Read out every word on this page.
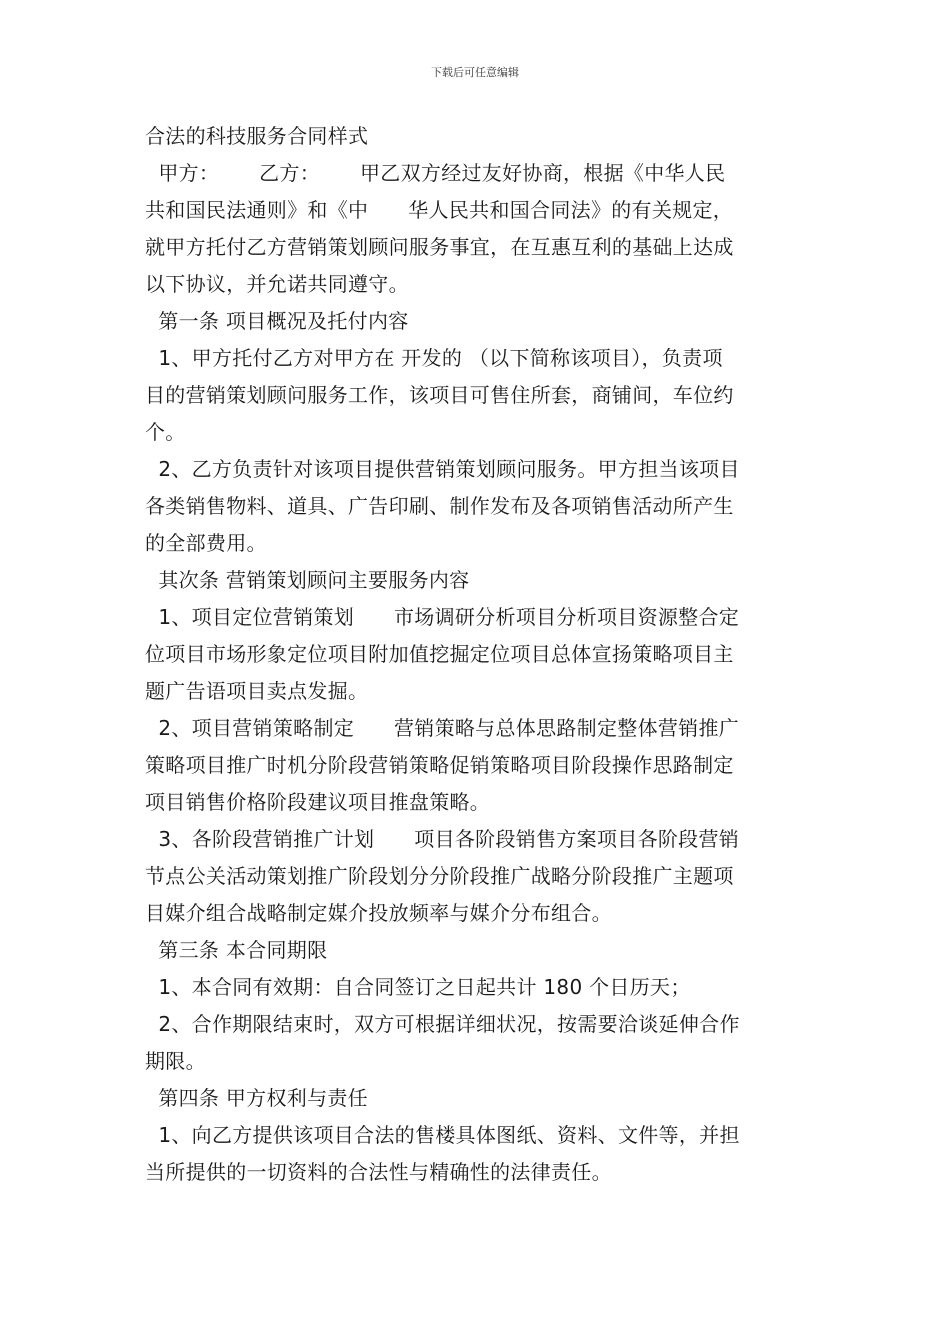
下载后可任意编辑
合法的科技服务合同样式
甲方：      乙方：      甲乙双方经过友好协商，根据《中华人民
共和国民法通则》和《中      华人民共和国合同法》的有关规定，
就甲方托付乙方营销策划顾问服务事宜，在互惠互利的基础上达成
以下协议，并允诺共同遵守。
第一条 项目概况及托付内容
1、甲方托付乙方对甲方在 开发的 （以下简称该项目），负责项
目的营销策划顾问服务工作，该项目可售住所套，商铺间，车位约
个。
2、乙方负责针对该项目提供营销策划顾问服务。甲方担当该项目
各类销售物料、道具、广告印刷、制作发布及各项销售活动所产生
的全部费用。
其次条 营销策划顾问主要服务内容
1、项目定位营销策划      市场调研分析项目分析项目资源整合定
位项目市场形象定位项目附加值挖掘定位项目总体宣扬策略项目主
题广告语项目卖点发掘。
2、项目营销策略制定      营销策略与总体思路制定整体营销推广
策略项目推广时机分阶段营销策略促销策略项目阶段操作思路制定
项目销售价格阶段建议项目推盘策略。
3、各阶段营销推广计划      项目各阶段销售方案项目各阶段营销
节点公关活动策划推广阶段划分分阶段推广战略分阶段推广主题项
目媒介组合战略制定媒介投放频率与媒介分布组合。
第三条 本合同期限
1、本合同有效期：自合同签订之日起共计 180 个日历天；
2、合作期限结束时，双方可根据详细状况，按需要洽谈延伸合作
期限。
第四条 甲方权利与责任
1、向乙方提供该项目合法的售楼具体图纸、资料、文件等，并担
当所提供的一切资料的合法性与精确性的法律责任。
